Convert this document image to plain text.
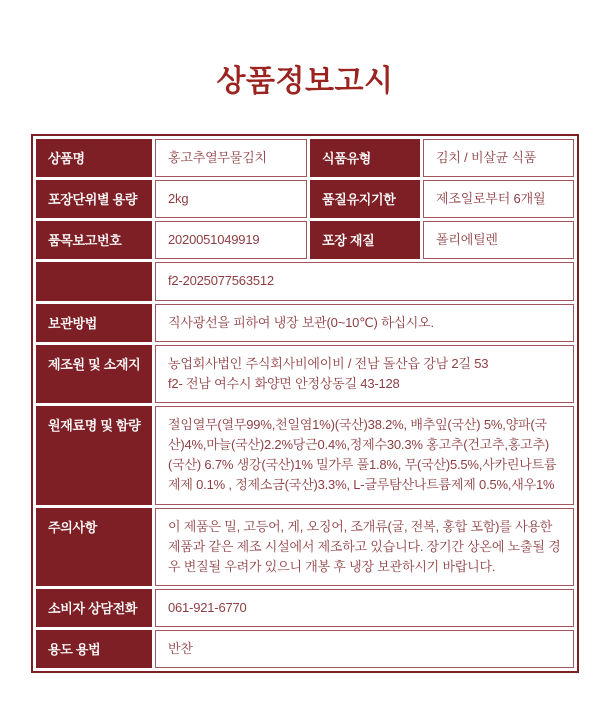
상품정보고시
상품명	홍고추열무물김치	식품유형	김치 / 비살균 식품
포장단위별 용량	2kg	품질유지기한	제조일로부터 6개월
품목보고번호	2020051049919	포장 재질	폴리에틸렌
	f2-2025077563512		
보관방법	직사광선을 피하여 냉장 보관(0~10℃) 하십시오.		
제조원 및 소재지	농업회사법인 주식회사비에이비 / 전남 돌산읍 강남 2길 53
f2- 전남 여수시 화양면 안정상동길 43-128		

원재료명 및 함량	절임열무(열무99%,천일염1%)(국산)38.2%, 배추잎(국산) 5%,양파(국산)4%,마늘(국산)2.2%당근0.4%,정제수30.3% 홍고추(건고추,홍고추)(국산) 6.7% 생강(국산)1% 밀가루 풀1.8%, 무(국산)5.5%,사카린나트륨제제 0.1% , 정제소금(국산)3.3%, L-글루탐산나트륨제제 0.5%,새우1%		
주의사항	이 제품은 밀, 고등어, 게, 오징어, 조개류(굴, 전복, 홍합 포함)를 사용한 제품과 같은 제조 시설에서 제조하고 있습니다. 장기간 상온에 노출될 경우 변질될 우려가 있으니 개봉 후 냉장 보관하시기 바랍니다.		
소비자 상담전화	061-921-6770		
용도 용법	반찬		
